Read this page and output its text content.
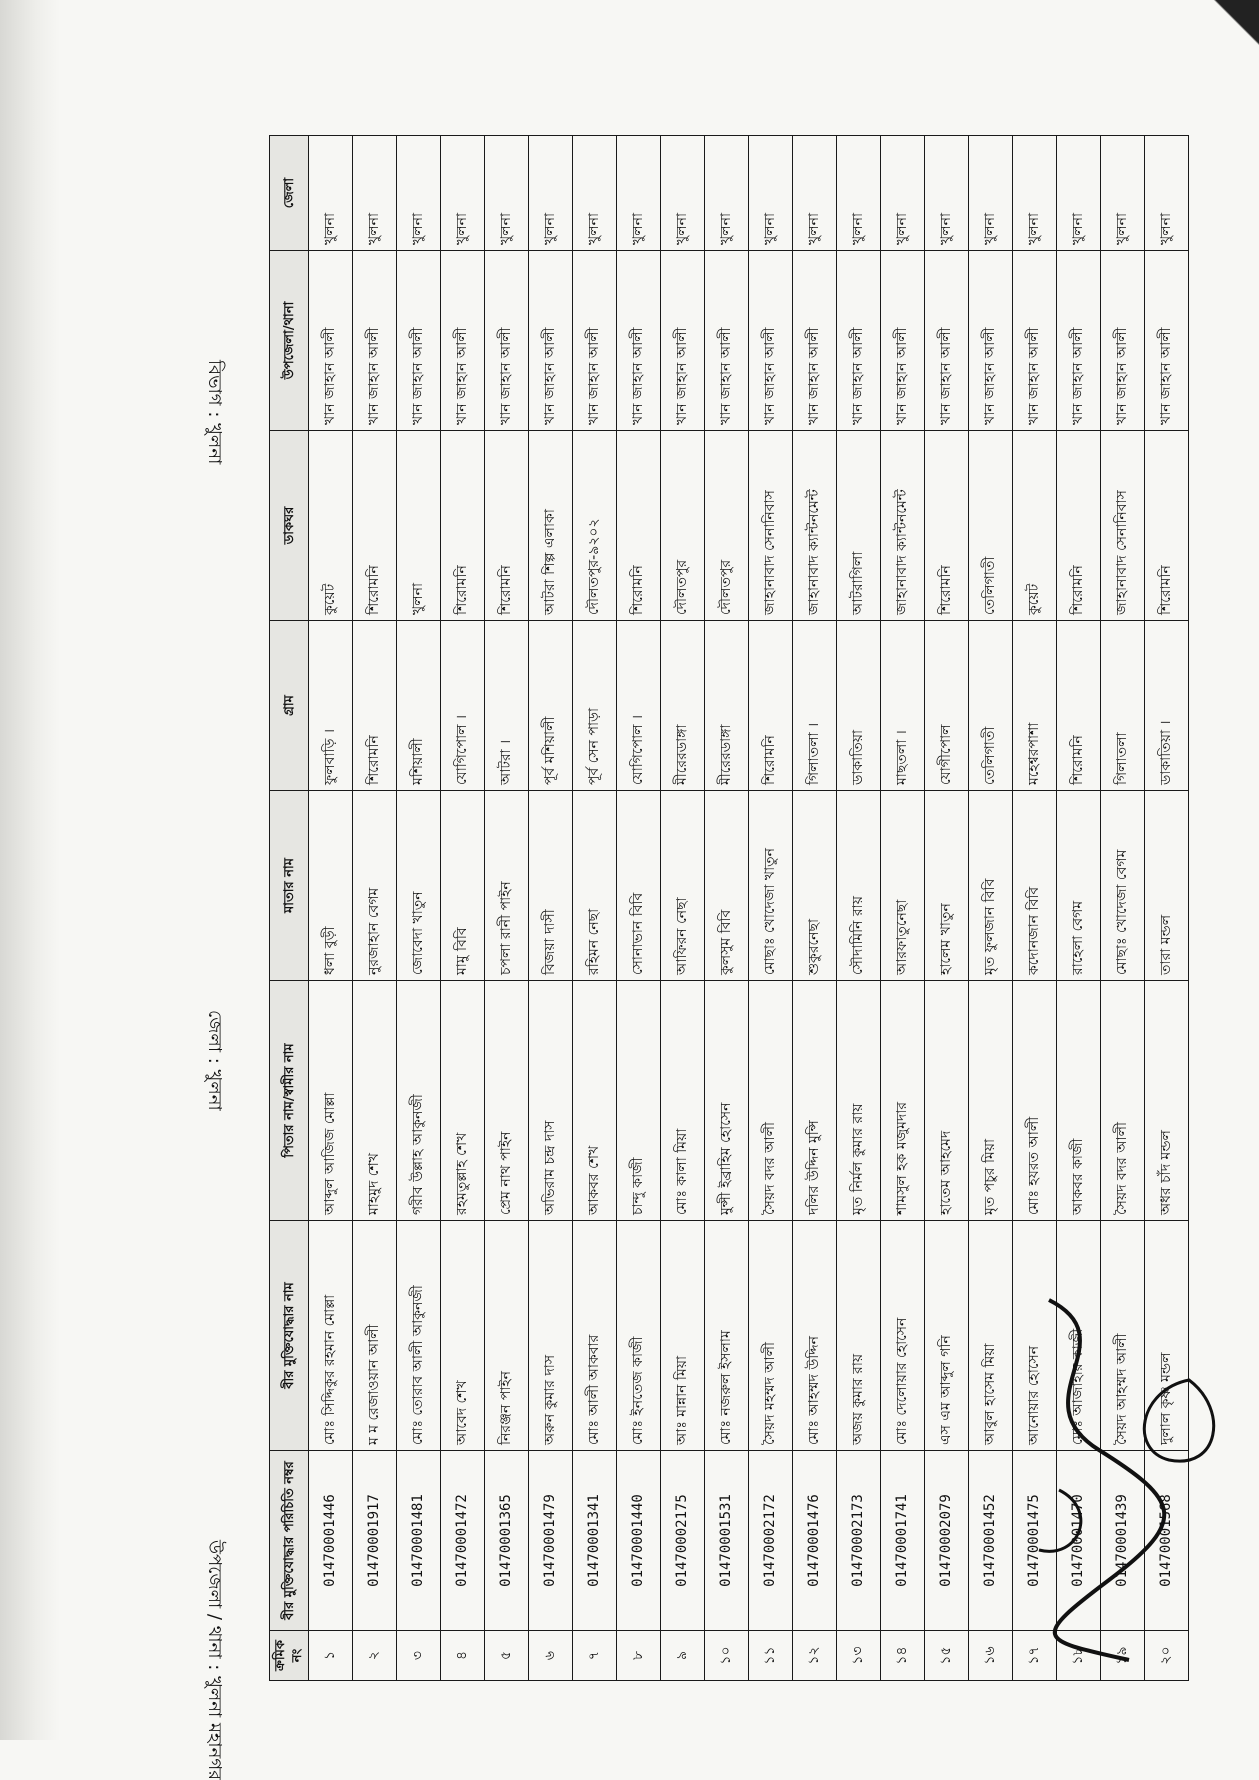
বিভাগ : খুলনা
জেলা : খুলনা
উপজেলা / থানা : খুলনা মহানগর	ক্রমিক নং	বীর মুক্তিযোদ্ধার পরিচিতি নম্বর	বীর মুক্তিযোদ্ধার নাম	পিতার নাম/স্বামীর নাম	মাতার নাম	গ্রাম	ডাকঘর	উপজেলা/থানা	জেলা
১	01470001446	মোঃ সিদ্দিকুর রহমান মোল্লা	আব্দুল আজিজ মোল্লা	ধলা বুড়ী	ফুলবাড়ি ।	কুয়েট	খান জাহান আলী	খুলনা
২	01470001917	ম ম রেজাওয়ান আলী	মাহমুদ শেখ	নুরজাহান বেগম	শিরোমনি	শিরোমনি	খান জাহান আলী	খুলনা
৩	01470001481	মোঃ তোরাব আলী আকুনজী	গরীব উল্লাহ আকুনজী	জোবেদা খাতুন	মশিয়ালী	খুলনা	খান জাহান আলী	খুলনা
৪	01470001472	আবেদ শেখ	রহমতুল্লাহ শেখ	মামু বিবি	যোগিপোল ।	শিরোমনি	খান জাহান আলী	খুলনা
৫	01470001365	নিরঞ্জন পাইন	প্রেম নাথ পাইন	চপলা রানী পাইন	আটরা ।	শিরোমনি	খান জাহান আলী	খুলনা
৬	01470001479	অরুন কুমার দাস	অভিরাম চন্দ্র দাস	বিজয়া দাসী	পূর্ব মশিয়ালী	আটরা শিল্প এলাকা	খান জাহান আলী	খুলনা
৭	01470001341	মোঃ আলী আকবার	আকবর শেখ	রহিমন নেছা	পূর্ব সেন পাড়া	দৌলতপুর-৯২০২	খান জাহান আলী	খুলনা
৮	01470001440	মোঃ ইনতেজ কাজী	চান্দু কাজী	সোনাভান বিবি	যোগিপোল ।	শিরোমনি	খান জাহান আলী	খুলনা
৯	01470002175	আঃ মান্নান মিয়া	মোঃ কালা মিয়া	আফিরন নেছা	মীরেরডাঙ্গা	দৌলতপুর	খান জাহান আলী	খুলনা
১০	01470001531	মোঃ নজরুল ইসলাম	মুন্সী ইব্রাহিম হোসেন	কুলসুম বিবি	মীরেরডাঙ্গা	দৌলতপুর	খান জাহান আলী	খুলনা
১১	01470002172	সৈয়দ মহম্মদ আলী	সৈয়দ বদর আলী	মোছাঃ খোদেজা খাতুন	শিরোমনি	জাহানাবাদ সেনানিবাস	খান জাহান আলী	খুলনা
১২	01470001476	মোঃ আহম্মদ উদ্দিন	দলির উদ্দিন মুন্সি	শুকুরনেছা	গিলাতলা ।	জাহানাবাদ ক্যান্টনমেন্ট	খান জাহান আলী	খুলনা
১৩	01470002173	অজয় কুমার রায়	মৃত নির্মল কুমার রায়	সৌদামিনি রায়	ডাকাতিয়া	আটরাগিলা	খান জাহান আলী	খুলনা
১৪	01470001741	মোঃ দেলোয়ার হোসেন	শামসুল হক মজুমদার	আরফাতুনেছা	মাছতলা ।	জাহানাবাদ ক্যান্টনমেন্ট	খান জাহান আলী	খুলনা
১৫	01470002079	এস এম আব্দুল গনি	হাতেম আহমেদ	হালেম খাতুন	যোগীপোল	শিরোমনি	খান জাহান আলী	খুলনা
১৬	01470001452	আবুল হাসেম মিয়া	মৃত পচুর মিয়া	মৃত ফুলজান বিবি	তেলিগাতী	তেলিগাতী	খান জাহান আলী	খুলনা
১৭	01470001475	আনোয়ার হোসেন	মোঃ হযরত আলী	কদোনজান বিবি	মহেশ্বরপাশা	কুয়েট	খান জাহান আলী	খুলনা
১৮	01470001470	মোঃ আজাহার কাজী	আকবর কাজী	রাহেলা বেগম	শিরোমনি	শিরোমনি	খান জাহান আলী	খুলনা
১৯	01470001439	সৈয়দ আহম্মদ আলী	সৈয়দ বদর আলী	মোছাঃ খোদেজা বেগম	গিলাতলা	জাহানাবাদ সেনানিবাস	খান জাহান আলী	খুলনা
২০	01470001568	দুলাল কৃষ্ণ মন্ডল	অধর চাঁদ মন্ডল	তারা মন্ডল	ডাকাতিয়া ।	শিরোমনি	খান জাহান আলী	খুলনা
